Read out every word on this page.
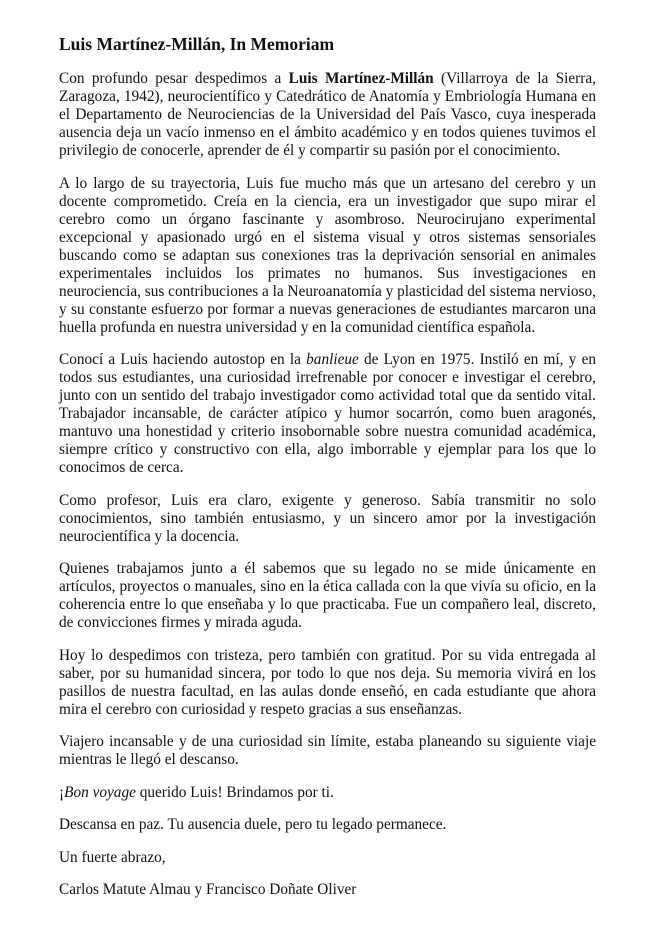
Luis Martínez-Millán, In Memoriam

Con profundo pesar despedimos a Luis Martínez-Millán (Villarroya de la Sierra, Zaragoza, 1942), neurocientífico y Catedrático de Anatomía y Embriología Humana en el Departamento de Neurociencias de la Universidad del País Vasco, cuya inesperada ausencia deja un vacío inmenso en el ámbito académico y en todos quienes tuvimos el privilegio de conocerle, aprender de él y compartir su pasión por el conocimiento.

A lo largo de su trayectoria, Luis fue mucho más que un artesano del cerebro y un docente comprometido. Creía en la ciencia, era un investigador que supo mirar el cerebro como un órgano fascinante y asombroso. Neurocirujano experimental excepcional y apasionado urgó en el sistema visual y otros sistemas sensoriales buscando como se adaptan sus conexiones tras la deprivación sensorial en animales experimentales incluidos los primates no humanos. Sus investigaciones en neurociencia, sus contribuciones a la Neuroanatomía y plasticidad del sistema nervioso, y su constante esfuerzo por formar a nuevas generaciones de estudiantes marcaron una huella profunda en nuestra universidad y en la comunidad científica española.

Conocí a Luis haciendo autostop en la banlieue de Lyon en 1975. Instiló en mí, y en todos sus estudiantes, una curiosidad irrefrenable por conocer e investigar el cerebro, junto con un sentido del trabajo investigador como actividad total que da sentido vital. Trabajador incansable, de carácter atípico y humor socarrón, como buen aragonés, mantuvo una honestidad y criterio insobornable sobre nuestra comunidad académica, siempre crítico y constructivo con ella, algo imborrable y ejemplar para los que lo conocimos de cerca.

Como profesor, Luis era claro, exigente y generoso. Sabía transmitir no solo conocimientos, sino también entusiasmo, y un sincero amor por la investigación neurocientífica y la docencia.

Quienes trabajamos junto a él sabemos que su legado no se mide únicamente en artículos, proyectos o manuales, sino en la ética callada con la que vivía su oficio, en la coherencia entre lo que enseñaba y lo que practicaba. Fue un compañero leal, discreto, de convicciones firmes y mirada aguda.

Hoy lo despedimos con tristeza, pero también con gratitud. Por su vida entregada al saber, por su humanidad sincera, por todo lo que nos deja. Su memoria vivirá en los pasillos de nuestra facultad, en las aulas donde enseñó, en cada estudiante que ahora mira el cerebro con curiosidad y respeto gracias a sus enseñanzas.

Viajero incansable y de una curiosidad sin límite, estaba planeando su siguiente viaje mientras le llegó el descanso.

¡Bon voyage querido Luis! Brindamos por ti.

Descansa en paz. Tu ausencia duele, pero tu legado permanece.

Un fuerte abrazo,

Carlos Matute Almau y Francisco Doñate Oliver
